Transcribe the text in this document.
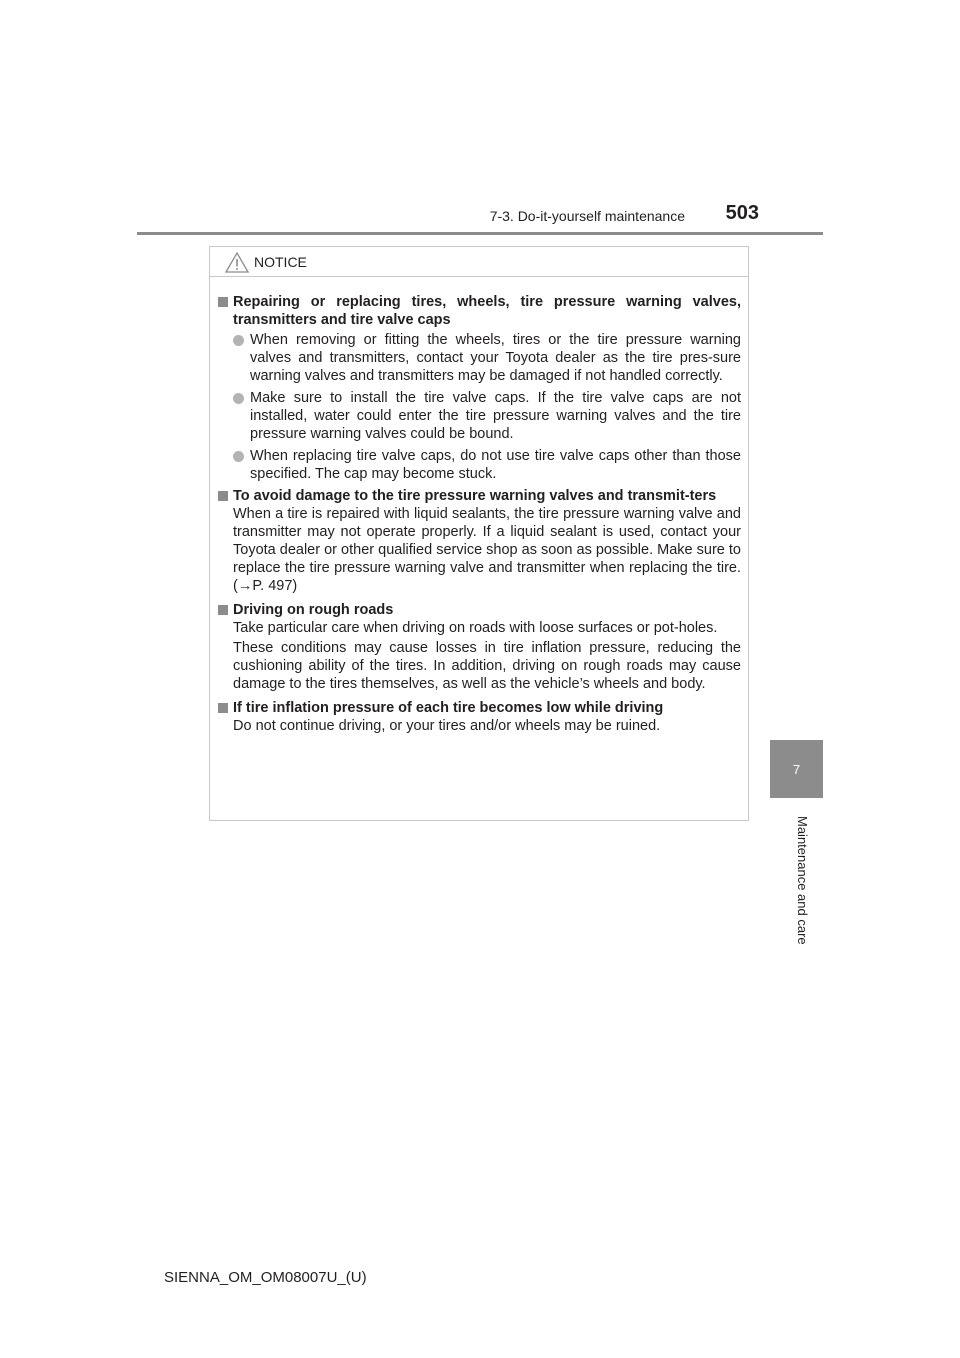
7-3. Do-it-yourself maintenance 503
7
Maintenance and care
NOTICE
Repairing or replacing tires, wheels, tire pressure warning valves, transmitters and tire valve caps
When removing or fitting the wheels, tires or the tire pressure warning valves and transmitters, contact your Toyota dealer as the tire pres-sure warning valves and transmitters may be damaged if not handled correctly.
Make sure to install the tire valve caps. If the tire valve caps are not installed, water could enter the tire pressure warning valves and the tire pressure warning valves could be bound.
When replacing tire valve caps, do not use tire valve caps other than those specified. The cap may become stuck.
To avoid damage to the tire pressure warning valves and transmit-ters
When a tire is repaired with liquid sealants, the tire pressure warning valve and transmitter may not operate properly. If a liquid sealant is used, contact your Toyota dealer or other qualified service shop as soon as possible. Make sure to replace the tire pressure warning valve and transmitter when replacing the tire. (→P. 497)
Driving on rough roads
Take particular care when driving on roads with loose surfaces or pot-holes.
These conditions may cause losses in tire inflation pressure, reducing the cushioning ability of the tires. In addition, driving on rough roads may cause damage to the tires themselves, as well as the vehicle’s wheels and body.
If tire inflation pressure of each tire becomes low while driving
Do not continue driving, or your tires and/or wheels may be ruined.
SIENNA_OM_OM08007U_(U)
